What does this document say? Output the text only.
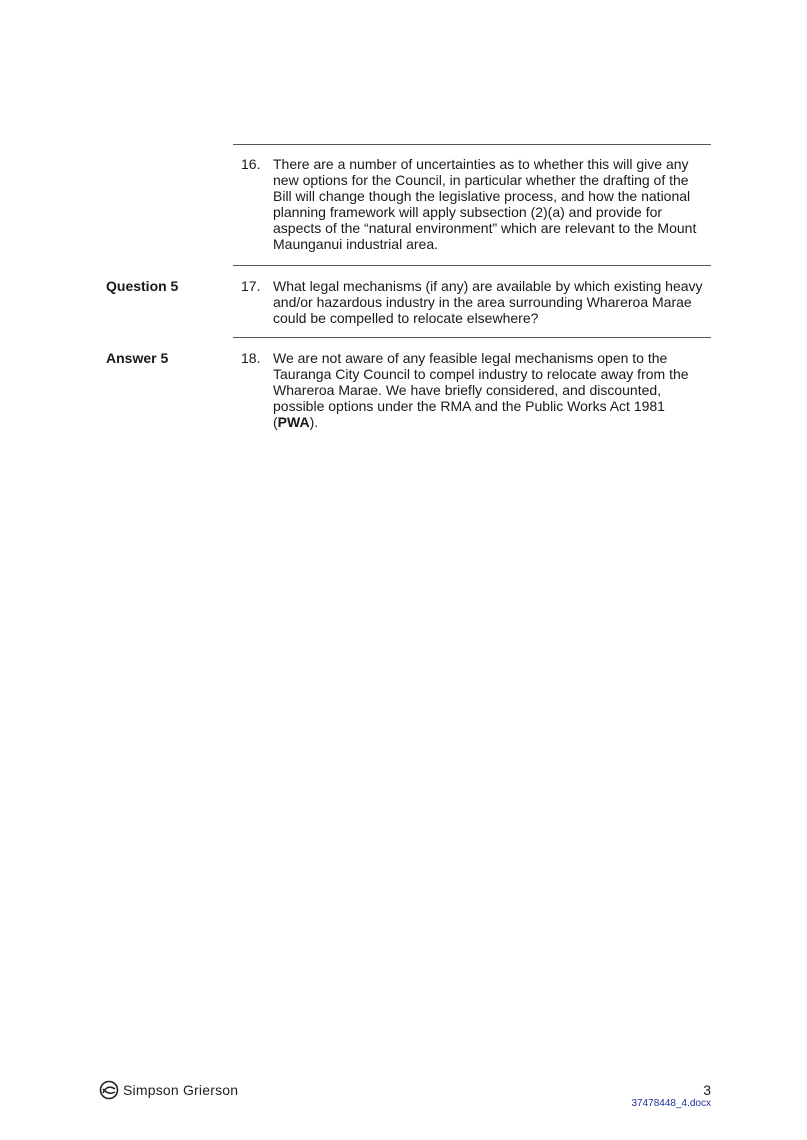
16. There are a number of uncertainties as to whether this will give any new options for the Council, in particular whether the drafting of the Bill will change though the legislative process, and how the national planning framework will apply subsection (2)(a) and provide for aspects of the “natural environment” which are relevant to the Mount Maunganui industrial area.
Question 5	17. What legal mechanisms (if any) are available by which existing heavy and/or hazardous industry in the area surrounding Whareroa Marae could be compelled to relocate elsewhere?
Answer 5	18. We are not aware of any feasible legal mechanisms open to the Tauranga City Council to compel industry to relocate away from the Whareroa Marae. We have briefly considered, and discounted, possible options under the RMA and the Public Works Act 1981 (PWA).
Simpson Grierson	3
37478448_4.docx
